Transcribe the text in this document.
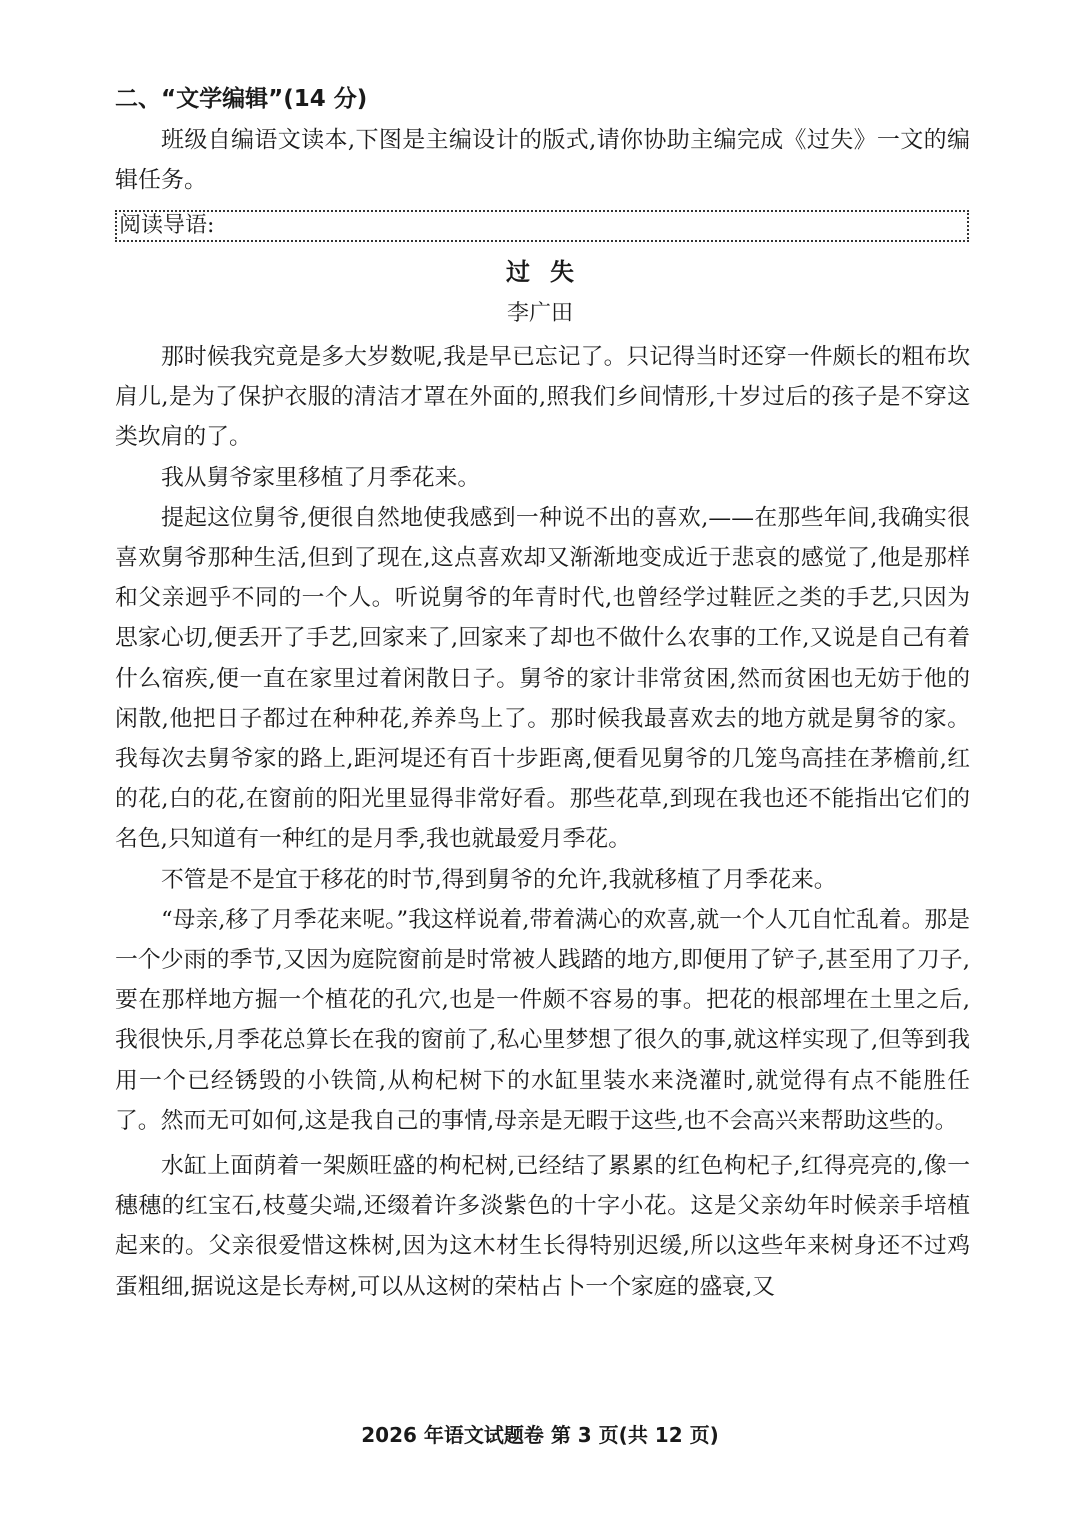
二、“文学编辑”(14 分)
班级自编语文读本,下图是主编设计的版式,请你协助主编完成《过失》一文的编辑任务。
阅读导语:
过失
李广田

那时候我究竟是多大岁数呢,我是早已忘记了。只记得当时还穿一件颇长的粗布坎肩儿,是为了保护衣服的清洁才罩在外面的,照我们乡间情形,十岁过后的孩子是不穿这类坎肩的了。

我从舅爷家里移植了月季花来。

提起这位舅爷,便很自然地使我感到一种说不出的喜欢,——在那些年间,我确实很喜欢舅爷那种生活,但到了现在,这点喜欢却又渐渐地变成近于悲哀的感觉了,他是那样和父亲迥乎不同的一个人。听说舅爷的年青时代,也曾经学过鞋匠之类的手艺,只因为思家心切,便丢开了手艺,回家来了,回家来了却也不做什么农事的工作,又说是自己有着什么宿疾,便一直在家里过着闲散日子。舅爷的家计非常贫困,然而贫困也无妨于他的闲散,他把日子都过在种种花,养养鸟上了。那时候我最喜欢去的地方就是舅爷的家。我每次去舅爷家的路上,距河堤还有百十步距离,便看见舅爷的几笼鸟高挂在茅檐前,红的花,白的花,在窗前的阳光里显得非常好看。那些花草,到现在我也还不能指出它们的名色,只知道有一种红的是月季,我也就最爱月季花。

不管是不是宜于移花的时节,得到舅爷的允许,我就移植了月季花来。

“母亲,移了月季花来呢。”我这样说着,带着满心的欢喜,就一个人兀自忙乱着。那是一个少雨的季节,又因为庭院窗前是时常被人践踏的地方,即便用了铲子,甚至用了刀子,要在那样地方掘一个植花的孔穴,也是一件颇不容易的事。把花的根部埋在土里之后,我很快乐,月季花总算长在我的窗前了,私心里梦想了很久的事,就这样实现了,但等到我用一个已经锈毁的小铁筒,从枸杞树下的水缸里装水来浇灌时,就觉得有点不能胜任了。然而无可如何,这是我自己的事情,母亲是无暇于这些,也不会高兴来帮助这些的。

水缸上面荫着一架颇旺盛的枸杞树,已经结了累累的红色枸杞子,红得亮亮的,像一穗穗的红宝石,枝蔓尖端,还缀着许多淡紫色的十字小花。这是父亲幼年时候亲手培植起来的。父亲很爱惜这株树,因为这木材生长得特别迟缓,所以这些年来树身还不过鸡蛋粗细,据说这是长寿树,可以从这树的荣枯占卜一个家庭的盛衰,又

2026 年语文试题卷 第 3 页(共 12 页)
